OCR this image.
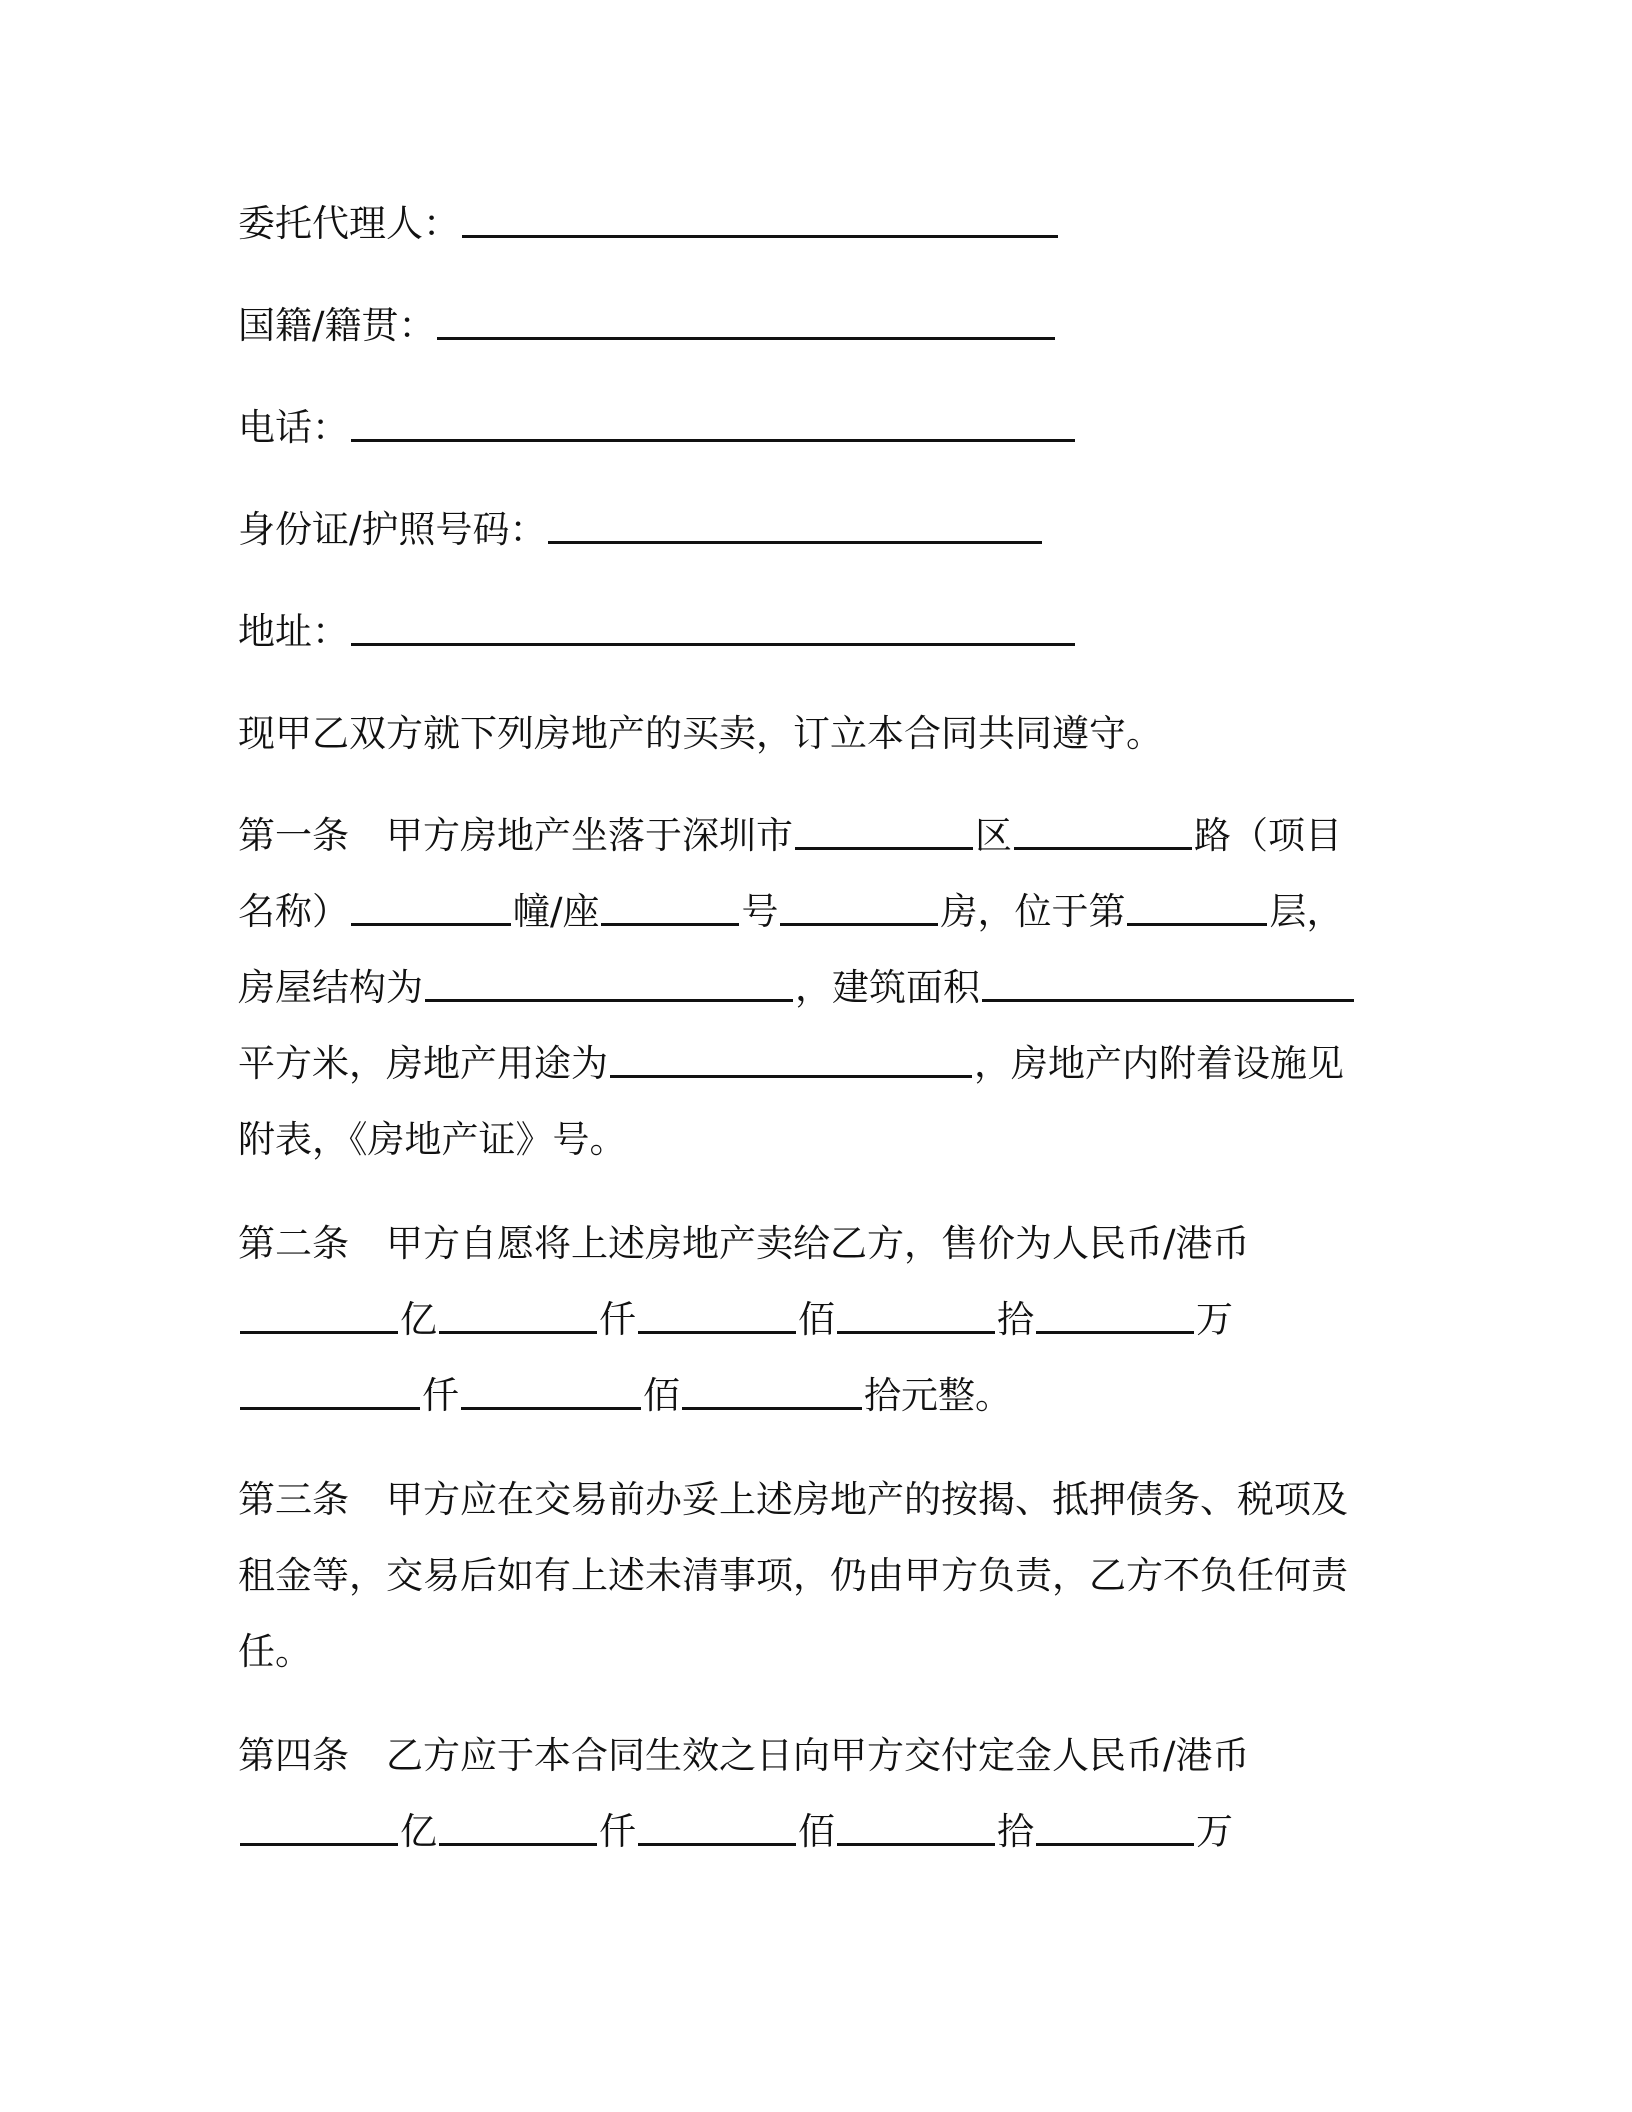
委托代理人：
国籍/籍贯：
电话：
身份证/护照号码：
地址：
现甲乙双方就下列房地产的买卖，订立本合同共同遵守。
第一条　甲方房地产坐落于深圳市	区	路（项目
名称）	幢/座	号	房，位于第	层，
房屋结构为	，建筑面积
平方米，房地产用途为	，房地产内附着设施见
附表，《房地产证》号。
第二条　甲方自愿将上述房地产卖给乙方，售价为人民币/港币
亿	仟	佰	拾	万
仟	佰	拾元整。
第三条　甲方应在交易前办妥上述房地产的按揭、抵押债务、税项及
租金等，交易后如有上述未清事项，仍由甲方负责，乙方不负任何责
任。
第四条　乙方应于本合同生效之日向甲方交付定金人民币/港币
亿	仟	佰	拾	万
